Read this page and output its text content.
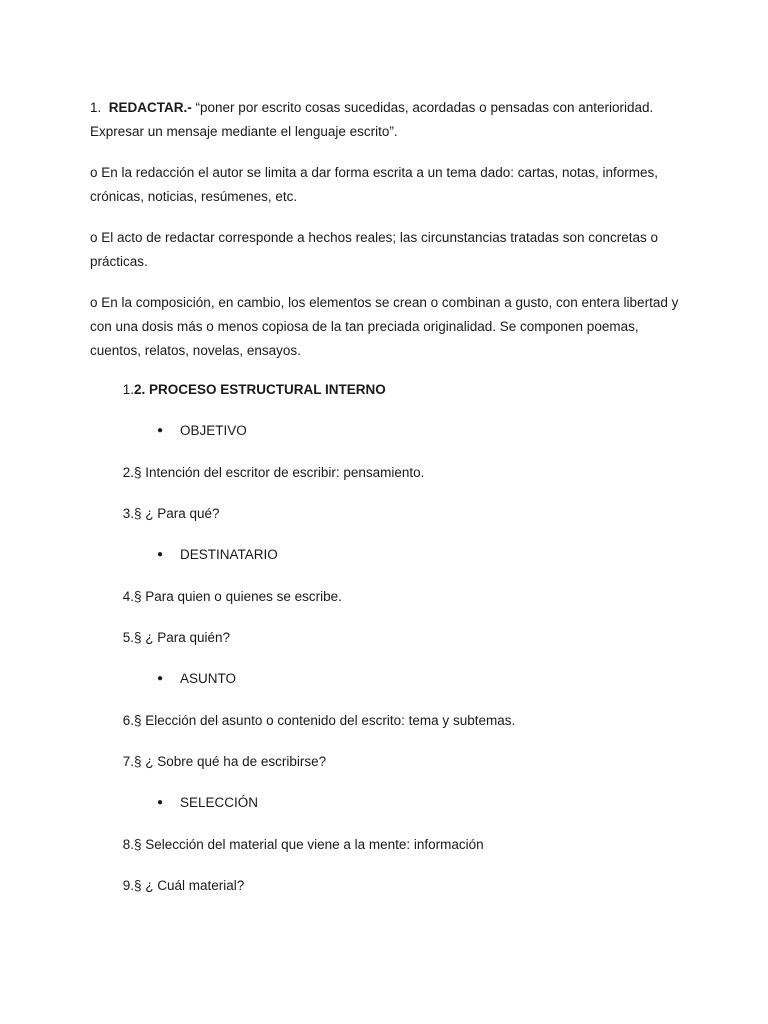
1. REDACTAR.- “poner por escrito cosas sucedidas, acordadas o pensadas con anterioridad. Expresar un mensaje mediante el lenguaje escrito”.

o En la redacción el autor se limita a dar forma escrita a un tema dado: cartas, notas, informes, crónicas, noticias, resúmenes, etc.

o El acto de redactar corresponde a hechos reales; las circunstancias tratadas son concretas o prácticas.

o En la composición, en cambio, los elementos se crean o combinan a gusto, con entera libertad y con una dosis más o menos copiosa de la tan preciada originalidad. Se componen poemas, cuentos, relatos, novelas, ensayos.

1. 2. PROCESO ESTRUCTURAL INTERNO
● OBJETIVO
2. § Intención del escritor de escribir: pensamiento.
3. § ¿ Para qué?
● DESTINATARIO
4. § Para quien o quienes se escribe.
5. § ¿ Para quién?
● ASUNTO
6. § Elección del asunto o contenido del escrito: tema y subtemas.
7. § ¿ Sobre qué ha de escribirse?
● SELECCIÓN
8. § Selección del material que viene a la mente: información
9. § ¿ Cuál material?
